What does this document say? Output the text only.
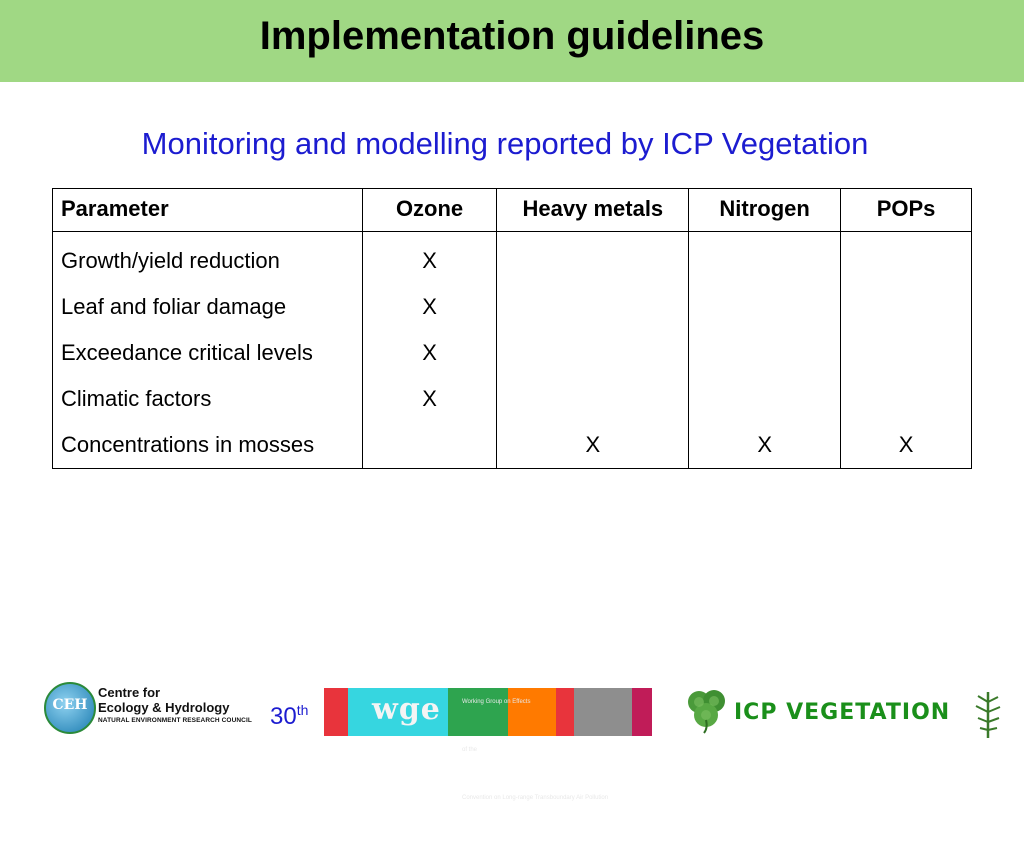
Implementation guidelines
Monitoring and modelling reported by ICP Vegetation
Parameter	Ozone	Heavy metals	Nitrogen	POPs
Growth/yield reduction	X			
Leaf and foliar damage	X			
Exceedance critical levels	X			
Climatic factors	X			
Concentrations in mosses		X	X	X
CEH
Centre for
Ecology & Hydrology
NATURAL ENVIRONMENT RESEARCH COUNCIL 30th wge	Working Group on Effects
of the
Convention on Long-range Transboundary Air Pollution
ICP VEGETATION
